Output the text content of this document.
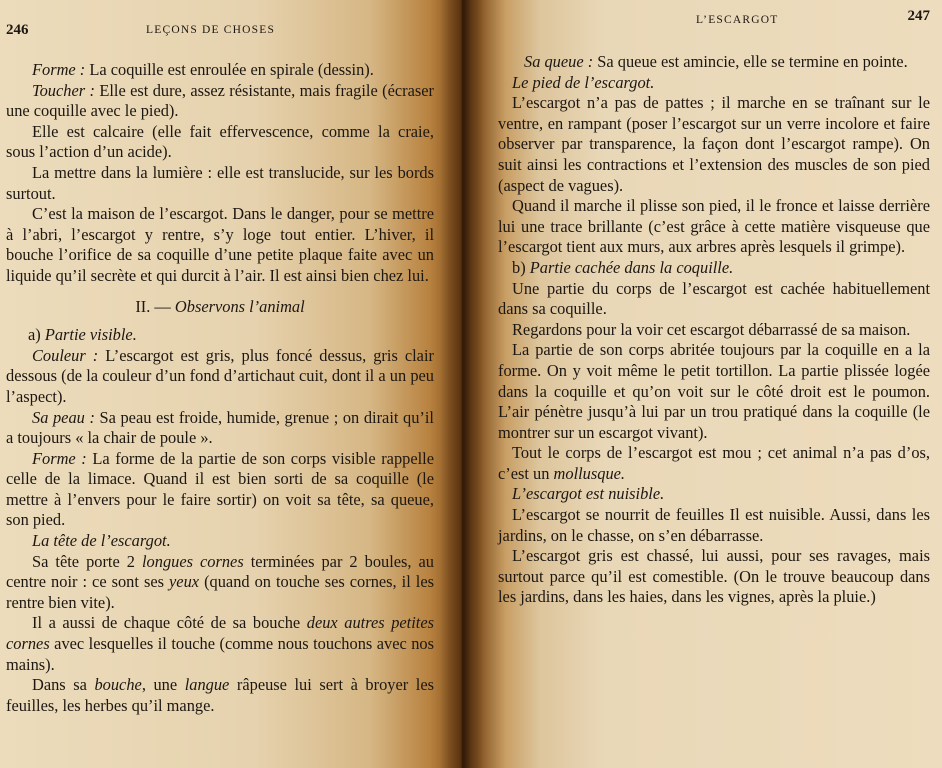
246	LEÇONS DE CHOSES

Forme : La coquille est enroulée en spirale (dessin).

Toucher : Elle est dure, assez résistante, mais fragile (écraser une coquille avec le pied).

Elle est calcaire (elle fait effervescence, comme la craie, sous l’action d’un acide).

La mettre dans la lumière : elle est translucide, sur les bords surtout.

C’est la maison de l’escargot. Dans le danger, pour se mettre à l’abri, l’escargot y rentre, s’y loge tout entier. L’hiver, il bouche l’orifice de sa coquille d’une petite plaque faite avec un liquide qu’il secrète et qui durcit à l’air. Il est ainsi bien chez lui.

II. — Observons l’animal

a) Partie visible.

Couleur : L’escargot est gris, plus foncé dessus, gris clair dessous (de la couleur d’un fond d’artichaut cuit, dont il a un peu l’aspect).

Sa peau : Sa peau est froide, humide, grenue ; on dirait qu’il a toujours « la chair de poule ».

Forme : La forme de la partie de son corps visible rappelle celle de la limace. Quand il est bien sorti de sa coquille (le mettre à l’envers pour le faire sortir) on voit sa tête, sa queue, son pied.

La tête de l’escargot.

Sa tête porte 2 longues cornes terminées par 2 boules, au centre noir : ce sont ses yeux (quand on touche ses cornes, il les rentre bien vite).

Il a aussi de chaque côté de sa bouche deux autres petites cornes avec lesquelles il touche (comme nous touchons avec nos mains).

Dans sa bouche, une langue râpeuse lui sert à broyer les feuilles, les herbes qu’il mange.

L’ESCARGOT	247

Sa queue : Sa queue est amincie, elle se termine en pointe.

Le pied de l’escargot.

L’escargot n’a pas de pattes ; il marche en se traînant sur le ventre, en rampant (poser l’escargot sur un verre incolore et faire observer par transparence, la façon dont l’escargot rampe). On suit ainsi les contractions et l’extension des muscles de son pied (aspect de vagues).

Quand il marche il plisse son pied, il le fronce et laisse derrière lui une trace brillante (c’est grâce à cette matière visqueuse que l’escargot tient aux murs, aux arbres après lesquels il grimpe).

b) Partie cachée dans la coquille.

Une partie du corps de l’escargot est cachée habituellement dans sa coquille.

Regardons pour la voir cet escargot débarrassé de sa maison.

La partie de son corps abritée toujours par la coquille en a la forme. On y voit même le petit tortillon. La partie plissée logée dans la coquille et qu’on voit sur le côté droit est le poumon. L’air pénètre jusqu’à lui par un trou pratiqué dans la coquille (le montrer sur un escargot vivant).

Tout le corps de l’escargot est mou ; cet animal n’a pas d’os, c’est un mollusque.

L’escargot est nuisible.

L’escargot se nourrit de feuilles Il est nuisible. Aussi, dans les jardins, on le chasse, on s’en débarrasse.

L’escargot gris est chassé, lui aussi, pour ses ravages, mais surtout parce qu’il est comestible. (On le trouve beaucoup dans les jardins, dans les haies, dans les vignes, après la pluie.)
